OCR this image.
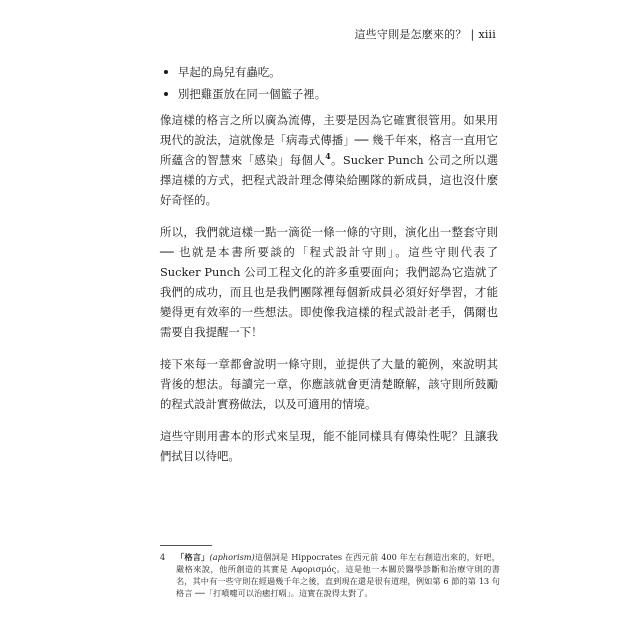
這些守則是怎麼來的？ | xiii
早起的鳥兒有蟲吃。
別把雞蛋放在同一個籃子裡。

像這樣的格言之所以廣為流傳，主要是因為它確實很管用。如果用現代的說法，這就像是「病毒式傳播」── 幾千年來，格言一直用它所蘊含的智慧來「感染」每個人$^4$。Sucker Punch 公司之所以選擇這樣的方式，把程式設計理念傳染給團隊的新成員，這也沒什麼好奇怪的。

所以，我們就這樣一點一滴從一條一條的守則，演化出一整套守則 ── 也就是本書所要談的「程式設計守則」。這些守則代表了 Sucker Punch 公司工程文化的許多重要面向；我們認為它造就了我們的成功，而且也是我們團隊裡每個新成員必須好好學習，才能變得更有效率的一些想法。即使像我這樣的程式設計老手，偶爾也需要自我提醒一下！

接下來每一章都會說明一條守則，並提供了大量的範例，來說明其背後的想法。每讀完一章，你應該就會更清楚瞭解，該守則所鼓勵的程式設計實務做法，以及可適用的情境。

這些守則用書本的形式來呈現，能不能同樣具有傳染性呢？且讓我們拭目以待吧。

4	「格言」(aphorism)這個詞是 Hippocrates 在西元前 400 年左右創造出來的，好吧，嚴格來說，他所創造的其實是 Αφορισμός。這是他一本關於醫學診斷和治療守則的書名，其中有一些守則在經過幾千年之後，直到現在還是很有道理，例如第 6 節的第 13 句格言 ──「打噴嚏可以治癒打嗝」。這實在說得太對了。
